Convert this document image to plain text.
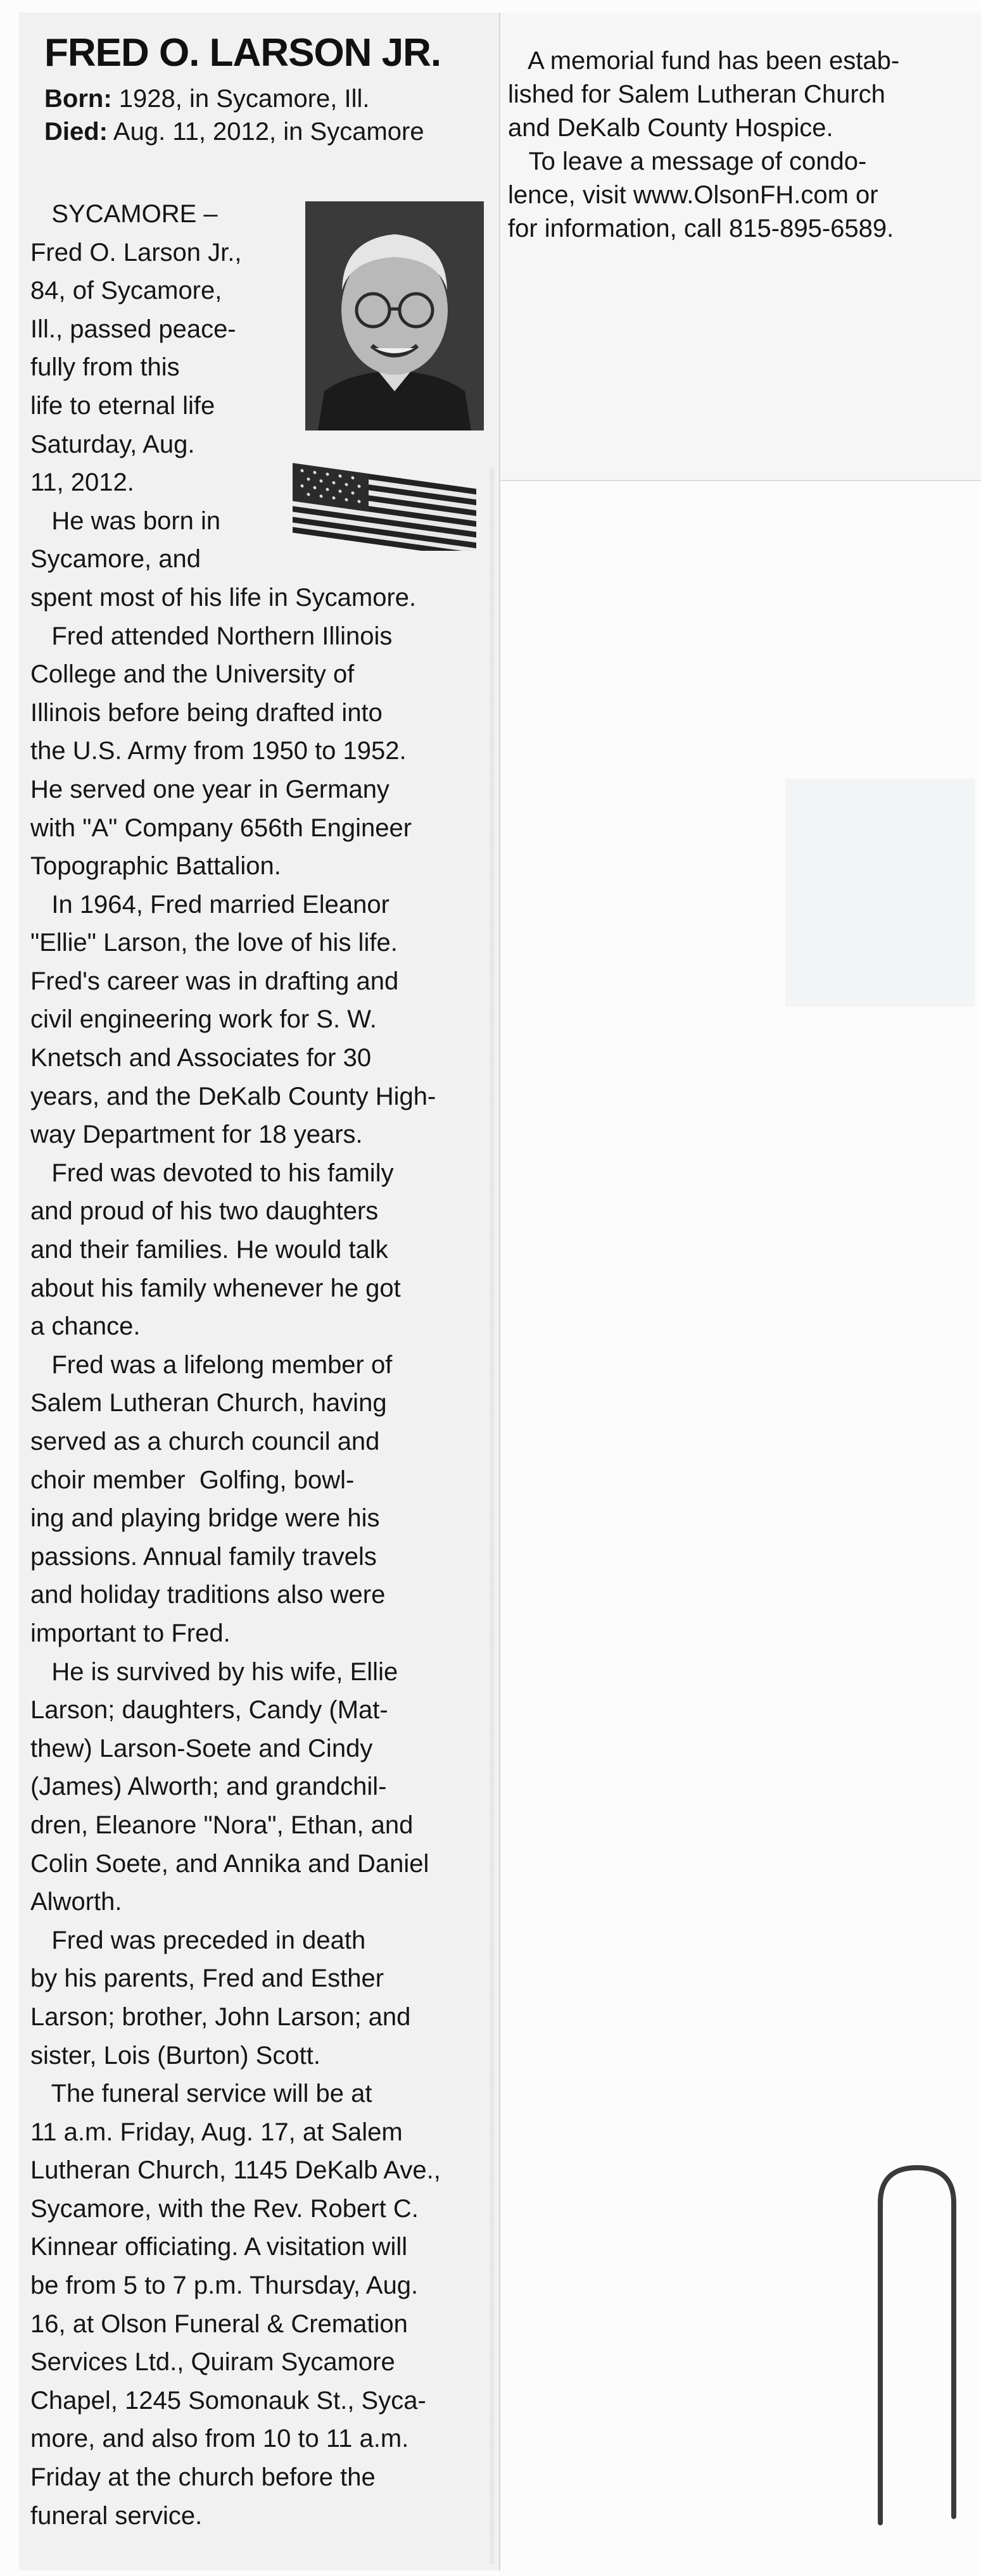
FRED O. LARSON JR.
Born: 1928, in Sycamore, Ill.
Died: Aug. 11, 2012, in Sycamore

SYCAMORE –
Fred O. Larson Jr.,
84, of Sycamore,
Ill., passed peace-
fully from this
life to eternal life
Saturday, Aug.
11, 2012.
He was born in
Sycamore, and
spent most of his life in Sycamore.
Fred attended Northern Illinois
College and the University of
Illinois before being drafted into
the U.S. Army from 1950 to 1952.
He served one year in Germany
with "A" Company 656th Engineer
Topographic Battalion.
In 1964, Fred married Eleanor
"Ellie" Larson, the love of his life.
Fred's career was in drafting and
civil engineering work for S. W.
Knetsch and Associates for 30
years, and the DeKalb County High-
way Department for 18 years.
Fred was devoted to his family
and proud of his two daughters
and their families. He would talk
about his family whenever he got
a chance.
Fred was a lifelong member of
Salem Lutheran Church, having
served as a church council and
choir member  Golfing, bowl-
ing and playing bridge were his
passions. Annual family travels
and holiday traditions also were
important to Fred.
He is survived by his wife, Ellie
Larson; daughters, Candy (Mat-
thew) Larson-Soete and Cindy
(James) Alworth; and grandchil-
dren, Eleanore "Nora", Ethan, and
Colin Soete, and Annika and Daniel
Alworth.
Fred was preceded in death
by his parents, Fred and Esther
Larson; brother, John Larson; and
sister, Lois (Burton) Scott.
The funeral service will be at
11 a.m. Friday, Aug. 17, at Salem
Lutheran Church, 1145 DeKalb Ave.,
Sycamore, with the Rev. Robert C.
Kinnear officiating. A visitation will
be from 5 to 7 p.m. Thursday, Aug.
16, at Olson Funeral & Cremation
Services Ltd., Quiram Sycamore
Chapel, 1245 Somonauk St., Syca-
more, and also from 10 to 11 a.m.
Friday at the church before the
funeral service.

A memorial fund has been estab-
lished for Salem Lutheran Church
and DeKalb County Hospice.
To leave a message of condo-
lence, visit www.OlsonFH.com or
for information, call 815-895-6589.
